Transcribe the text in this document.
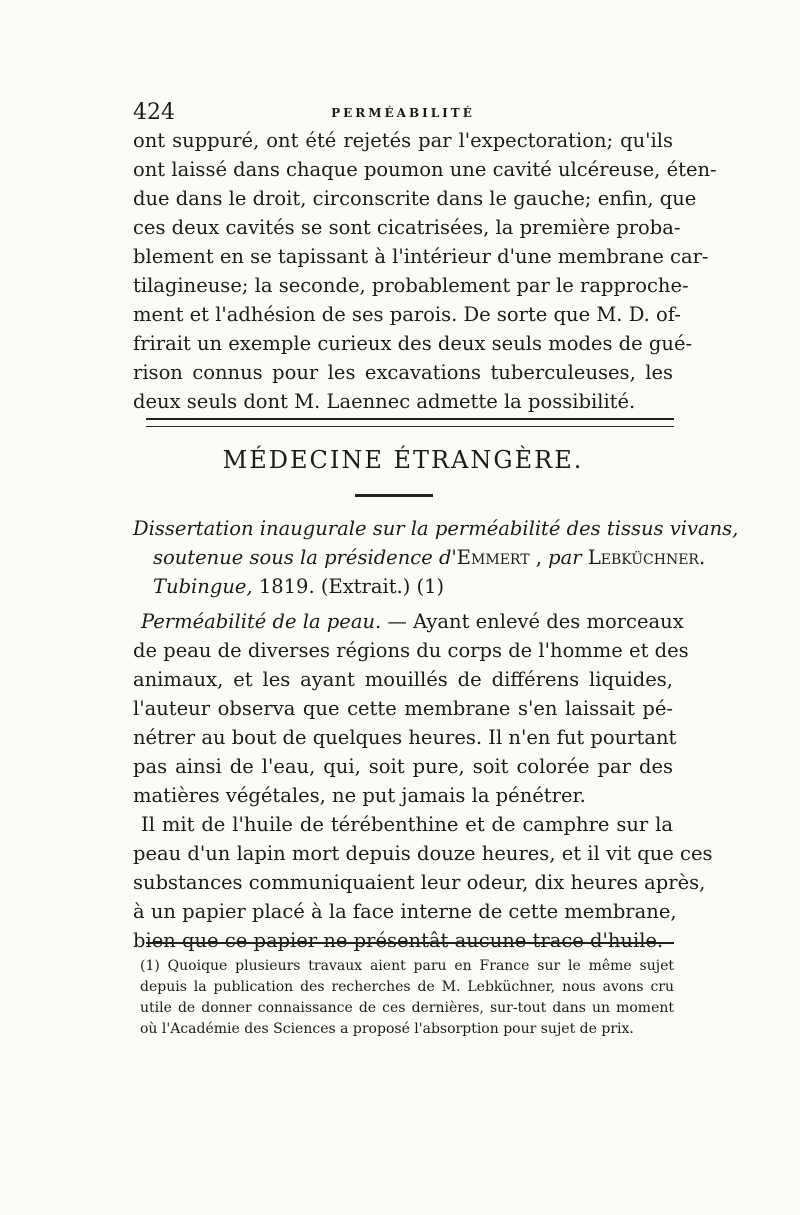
424	PERMÉABILITÉ
ont suppuré, ont été rejetés par l'expectoration; qu'ils
ont laissé dans chaque poumon une cavité ulcéreuse, éten-
due dans le droit, circonscrite dans le gauche; enfin, que
ces deux cavités se sont cicatrisées, la première proba-
blement en se tapissant à l'intérieur d'une membrane car-
tilagineuse; la seconde, probablement par le rapproche-
ment et l'adhésion de ses parois. De sorte que M. D. of-
frirait un exemple curieux des deux seuls modes de gué-
rison connus pour les excavations tuberculeuses, les
deux seuls dont M. Laennec admette la possibilité.
MÉDECINE ÉTRANGÈRE.
Dissertation inaugurale sur la perméabilité des tissus vivans,
soutenue sous la présidence d'Emmert , par Lebküchner.
Tubingue, 1819. (Extrait.) (1)
Perméabilité de la peau. — Ayant enlevé des morceaux
de peau de diverses régions du corps de l'homme et des
animaux, et les ayant mouillés de différens liquides,
l'auteur observa que cette membrane s'en laissait pé-
nétrer au bout de quelques heures. Il n'en fut pourtant
pas ainsi de l'eau, qui, soit pure, soit colorée par des
matières végétales, ne put jamais la pénétrer.
Il mit de l'huile de térébenthine et de camphre sur la
peau d'un lapin mort depuis douze heures, et il vit que ces
substances communiquaient leur odeur, dix heures après,
à un papier placé à la face interne de cette membrane,
bien que ce papier ne présentât aucune trace d'huile.
(1) Quoique plusieurs travaux aient paru en France sur le même sujet
depuis la publication des recherches de M. Lebküchner, nous avons cru
utile de donner connaissance de ces dernières, sur-tout dans un moment
où l'Académie des Sciences a proposé l'absorption pour sujet de prix.
